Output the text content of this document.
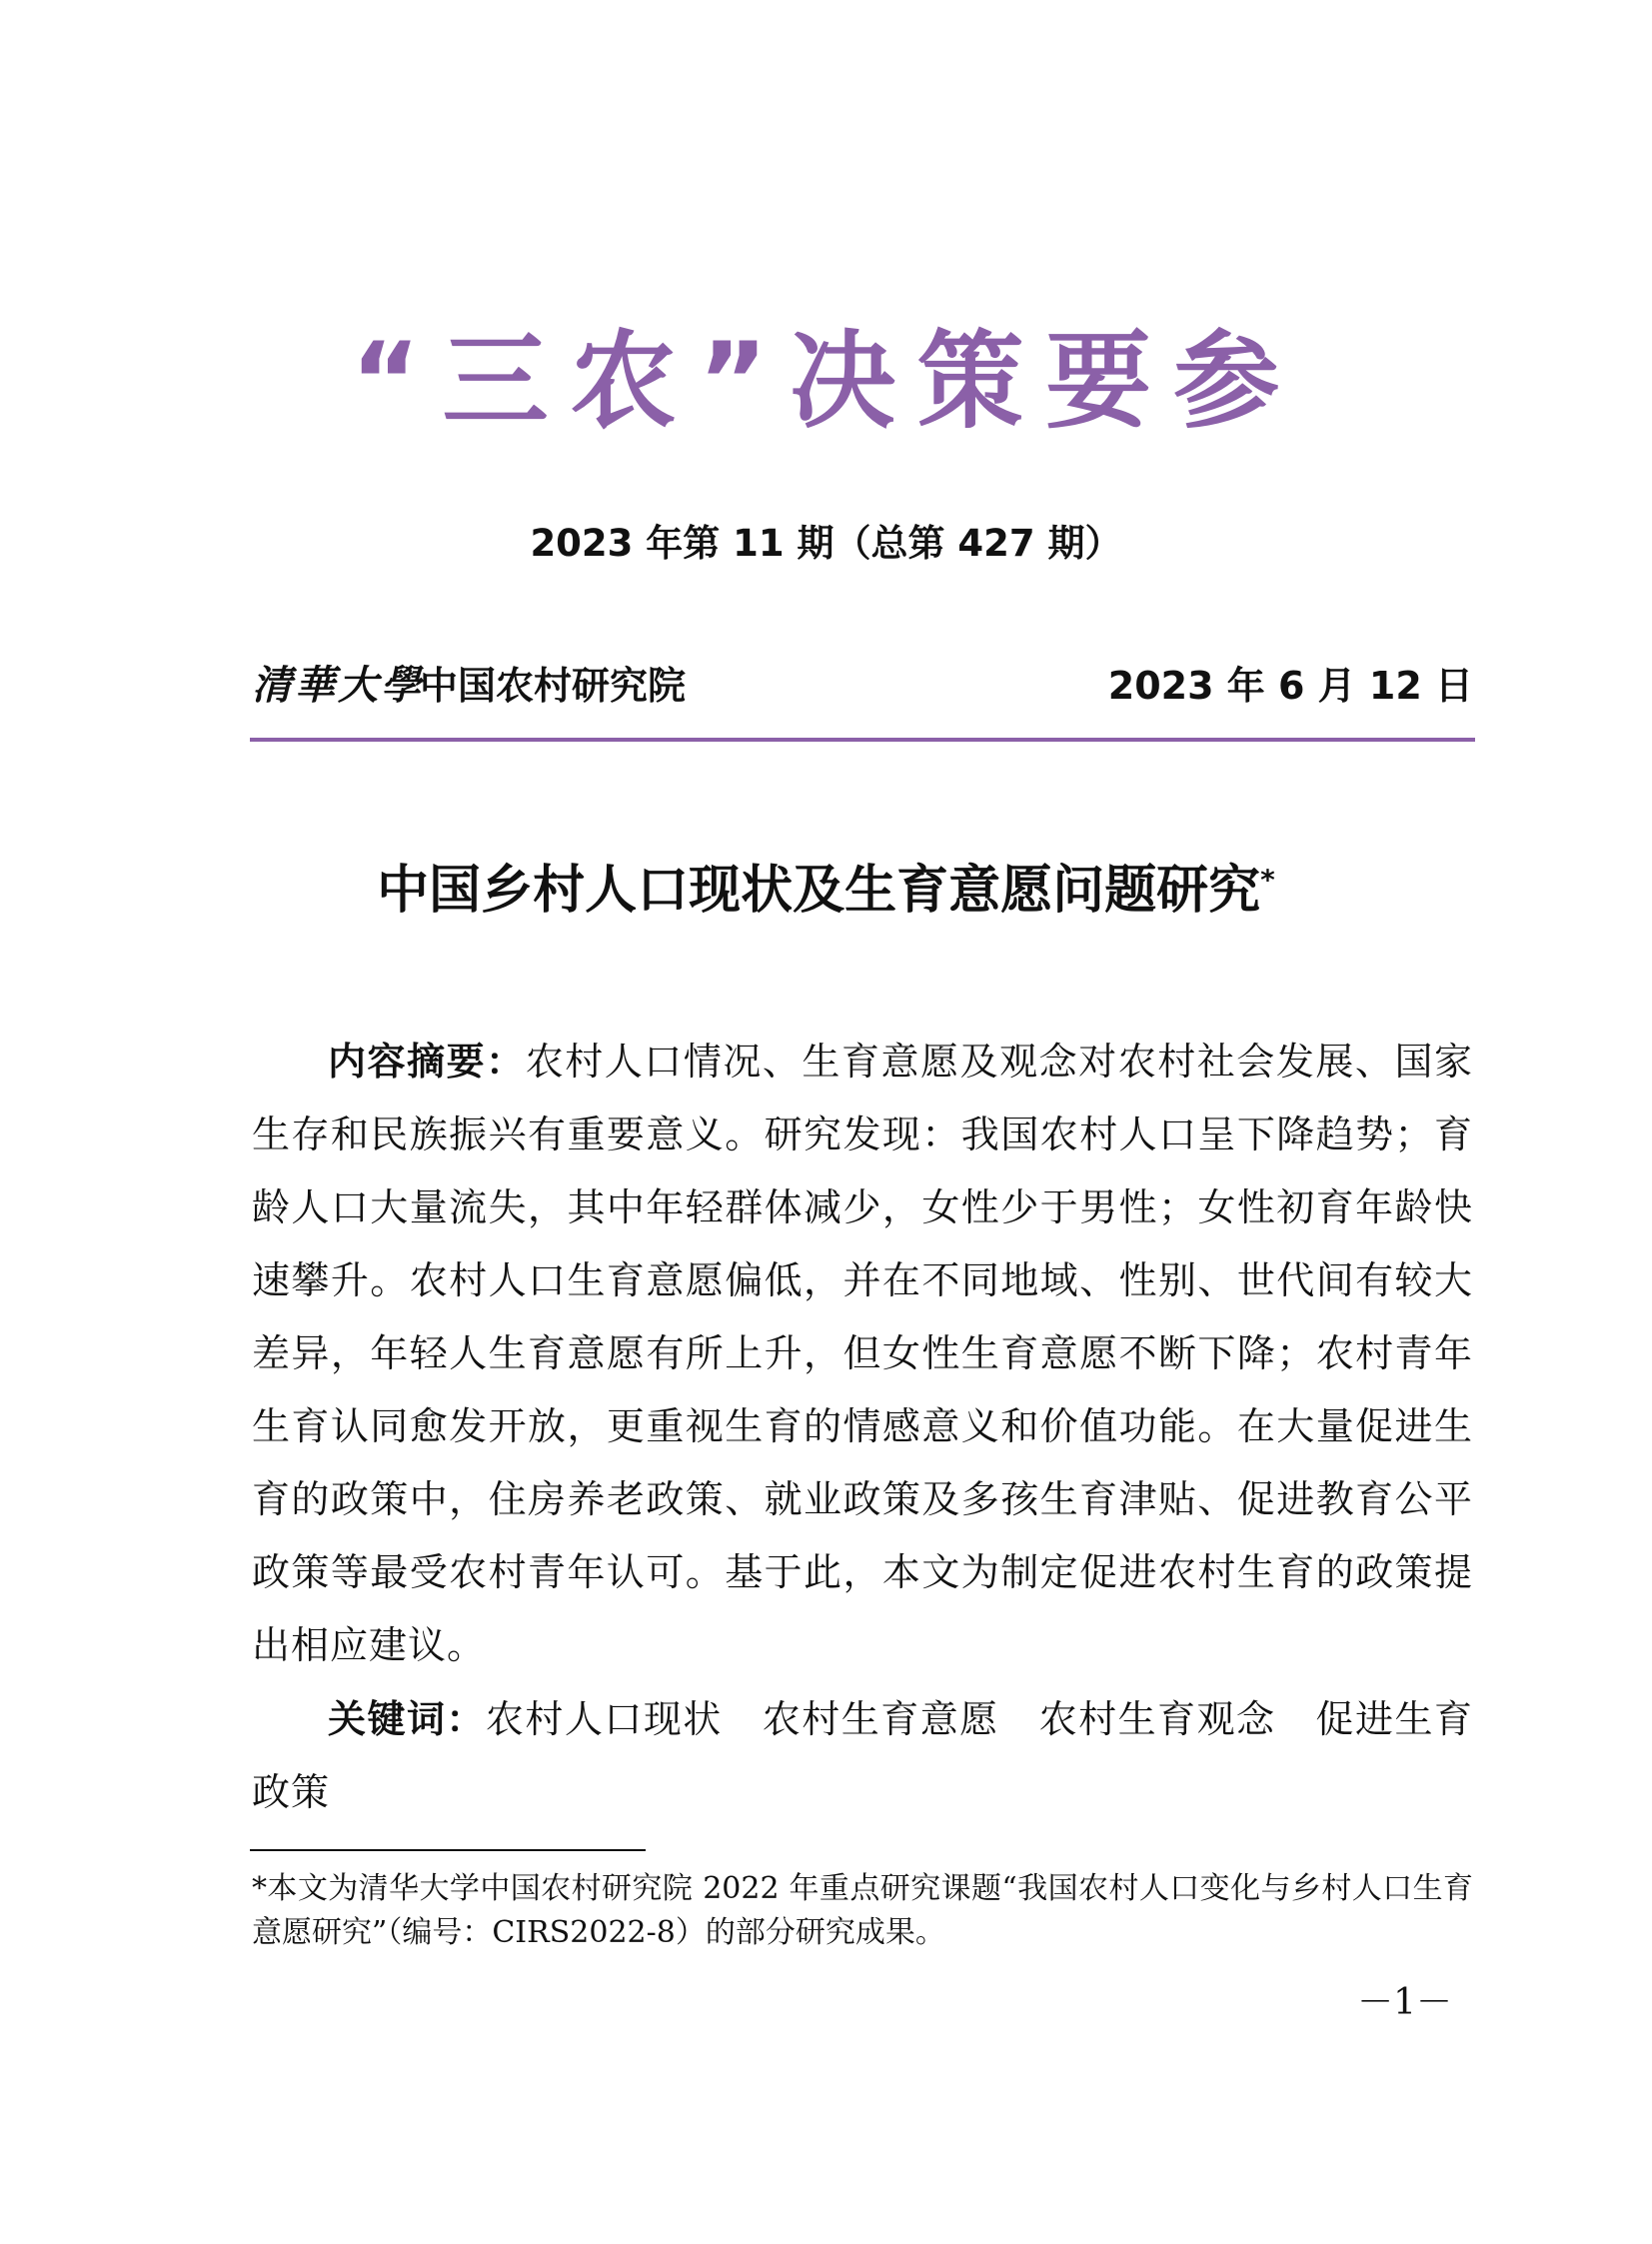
“三农”决策要参
2023 年第 11 期（总第 427 期）
清華大學
中国农村研究院	2023 年 6 月 12 日
中国乡村人口现状及生育意愿问题研究*

内容摘要：农村人口情况、生育意愿及观念对农村社会发展、国家生存和民族振兴有重要意义。研究发现：我国农村人口呈下降趋势；育龄人口大量流失，其中年轻群体减少，女性少于男性；女性初育年龄快速攀升。农村人口生育意愿偏低，并在不同地域、性别、世代间有较大差异，年轻人生育意愿有所上升，但女性生育意愿不断下降；农村青年生育认同愈发开放，更重视生育的情感意义和价值功能。在大量促进生育的政策中，住房养老政策、就业政策及多孩生育津贴、促进教育公平政策等最受农村青年认可。基于此，本文为制定促进农村生育的政策提出相应建议。

关键词：农村人口现状 农村生育意愿 农村生育观念 促进生育政策

*本文为清华大学中国农村研究院 2022 年重点研究课题“我国农村人口变化与乡村人口生育意愿研究”（编号：CIRS2022-8）的部分研究成果。

－1－
